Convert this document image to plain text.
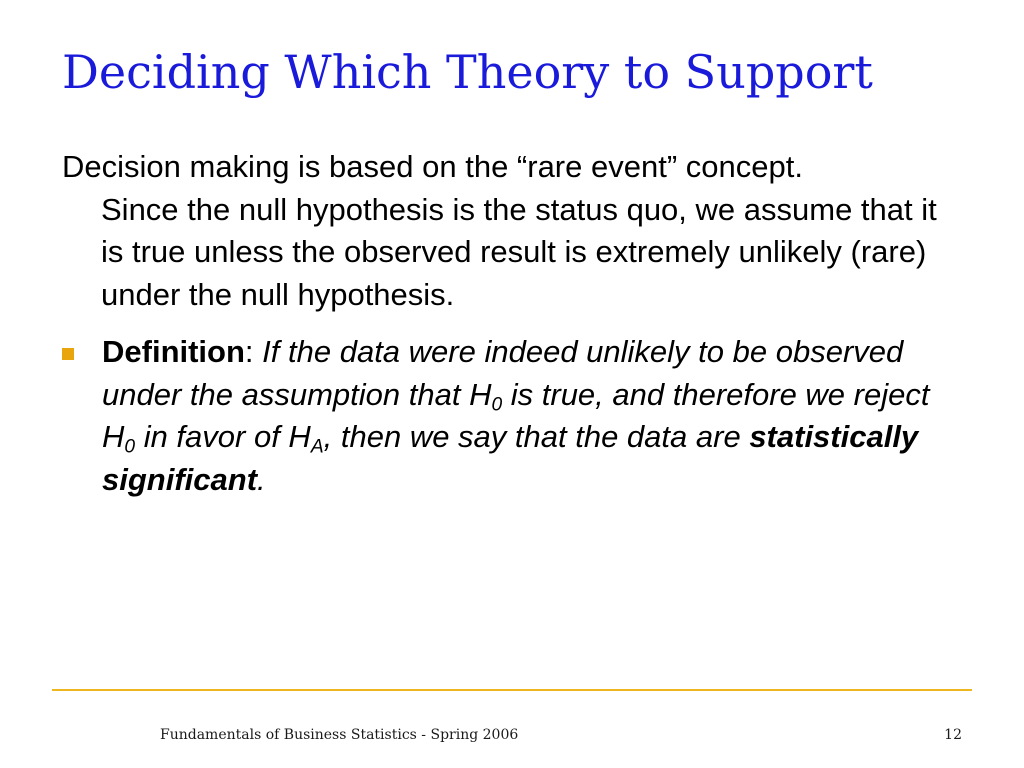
Deciding Which Theory to Support
Decision making is based on the “rare event” concept.
Since the null hypothesis is the status quo, we assume that it is true unless the observed result is extremely unlikely (rare) under the null hypothesis.
Definition: If the data were indeed unlikely to be observed under the assumption that $H_0$ is true, and therefore we reject $H_0$ in favor of $H_A$, then we say that the data are statistically significant.
Fundamentals of Business Statistics - Spring 2006	12
